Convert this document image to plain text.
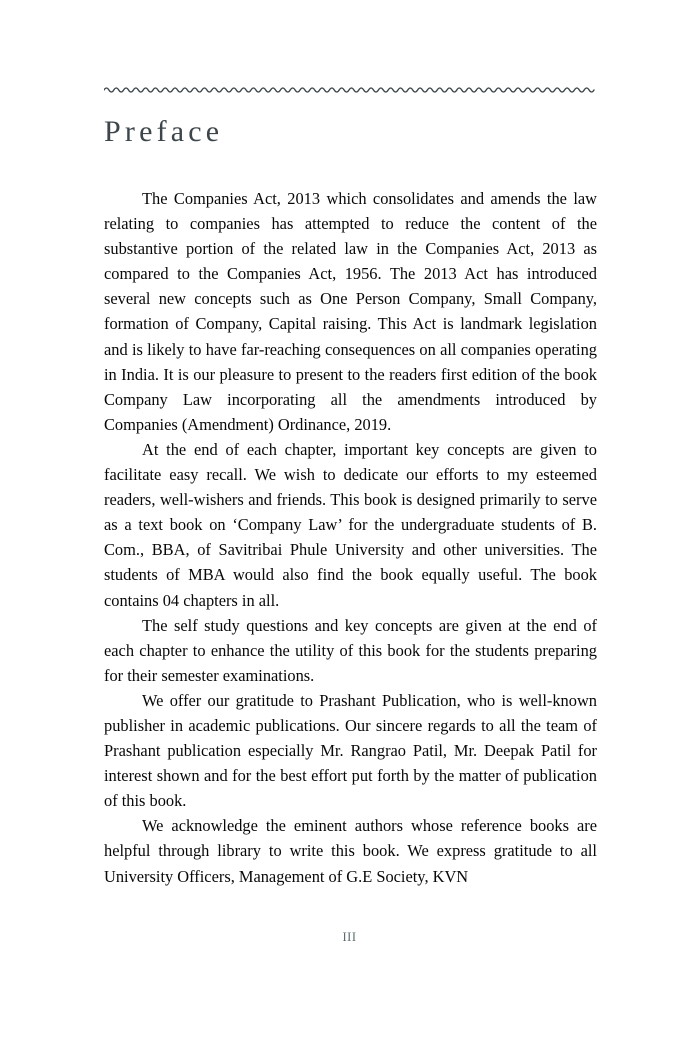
Preface

The Companies Act, 2013 which consolidates and amends the law relating to companies has attempted to reduce the content of the substantive portion of the related law in the Companies Act, 2013 as compared to the Companies Act, 1956. The 2013 Act has introduced several new concepts such as One Person Company, Small Company, formation of Company, Capital raising. This Act is landmark legislation and is likely to have far-reaching consequences on all companies operating in India. It is our pleasure to present to the readers first edition of the book Company Law incorporating all the amendments introduced by Companies (Amendment) Ordinance, 2019.

At the end of each chapter, important key concepts are given to facilitate easy recall. We wish to dedicate our efforts to my esteemed readers, well-wishers and friends. This book is designed primarily to serve as a text book on ‘Company Law’ for the undergraduate students of B. Com., BBA, of Savitribai Phule University and other universities. The students of MBA would also find the book equally useful. The book contains 04 chapters in all.

The self study questions and key concepts are given at the end of each chapter to enhance the utility of this book for the students preparing for their semester examinations.

We offer our gratitude to Prashant Publication, who is well-known publisher in academic publications. Our sincere regards to all the team of Prashant publication especially Mr. Rangrao Patil, Mr. Deepak Patil for interest shown and for the best effort put forth by the matter of publication of this book.

We acknowledge the eminent authors whose reference books are helpful through library to write this book. We express gratitude to all University Officers, Management of G.E Society, KVN

III
